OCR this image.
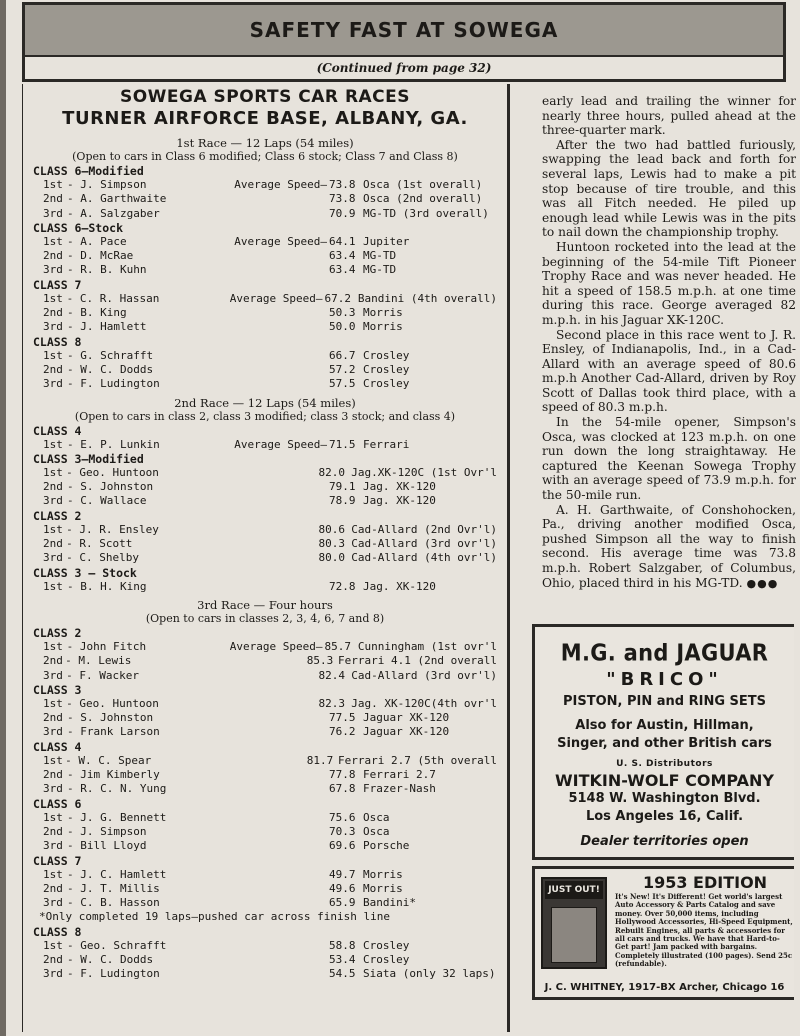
SAFETY FAST AT SOWEGA
(Continued from page 32)
SOWEGA SPORTS CAR RACES
TURNER AIRFORCE BASE, ALBANY, GA.
1st Race — 12 Laps (54 miles)
(Open to cars in Class 6 modified; Class 6 stock; Class 7 and Class 8)
CLASS 6—Modified
1st - J. Simpson	Average Speed— 73.8 Osca (1st overall)
2nd - A. Garthwaite	73.8 Osca (2nd overall)
3rd - A. Salzgaber	70.9 MG-TD (3rd overall)
CLASS 6—Stock
1st - A. Pace	Average Speed— 64.1 Jupiter
2nd - D. McRae	63.4 MG-TD
3rd - R. B. Kuhn	63.4 MG-TD
CLASS 7
1st - C. R. Hassan	Average Speed— 67.2 Bandini (4th overall)
2nd - B. King	50.3 Morris
3rd - J. Hamlett	50.0 Morris
CLASS 8
1st - G. Schrafft	66.7 Crosley
2nd - W. C. Dodds	57.2 Crosley
3rd - F. Ludington	57.5 Crosley
2nd Race — 12 Laps (54 miles)
(Open to cars in class 2, class 3 modified; class 3 stock; and class 4)
CLASS 4
1st - E. P. Lunkin	Average Speed— 71.5 Ferrari
CLASS 3—Modified
1st - Geo. Huntoon	82.0 Jag.XK-120C (1st Ovr'l
2nd - S. Johnston	79.1 Jag. XK-120
3rd - C. Wallace	78.9 Jag. XK-120
CLASS 2
1st - J. R. Ensley	80.6 Cad-Allard (2nd Ovr'l)
2nd - R. Scott	80.3 Cad-Allard (3rd ovr'l)
3rd - C. Shelby	80.0 Cad-Allard (4th ovr'l)
CLASS 3 — Stock
1st - B. H. King	72.8 Jag. XK-120
3rd Race — Four hours
(Open to cars in classes 2, 3, 4, 6, 7 and 8)
CLASS 2
1st - John Fitch	Average Speed— 85.7 Cunningham (1st ovr'l
2nd - M. Lewis	85.3 Ferrari 4.1 (2nd overall
3rd - F. Wacker	82.4 Cad-Allard (3rd ovr'l)
CLASS 3
1st - Geo. Huntoon	82.3 Jag. XK-120C(4th ovr'l
2nd - S. Johnston	77.5 Jaguar XK-120
3rd - Frank Larson	76.2 Jaguar XK-120
CLASS 4
1st - W. C. Spear	81.7 Ferrari 2.7 (5th overall
2nd - Jim Kimberly	77.8 Ferrari 2.7
3rd - R. C. N. Yung	67.8 Frazer-Nash
CLASS 6
1st - J. G. Bennett	75.6 Osca
2nd - J. Simpson	70.3 Osca
3rd - Bill Lloyd	69.6 Porsche
CLASS 7
1st - J. C. Hamlett	49.7 Morris
2nd - J. T. Millis	49.6 Morris
3rd - C. B. Hasson	65.9 Bandini*
*Only completed 19 laps—pushed car across finish line
CLASS 8
1st - Geo. Schrafft	58.8 Crosley
2nd - W. C. Dodds	53.4 Crosley
3rd - F. Ludington	54.5 Siata (only 32 laps)

early lead and trailing the winner for nearly three hours, pulled ahead at the three-quarter mark.

After the two had battled furiously, swapping the lead back and forth for several laps, Lewis had to make a pit stop because of tire trouble, and this was all Fitch needed. He piled up enough lead while Lewis was in the pits to nail down the championship trophy.

Huntoon rocketed into the lead at the beginning of the 54-mile Tift Pioneer Trophy Race and was never headed. He hit a speed of 158.5 m.p.h. at one time during this race. George averaged 82 m.p.h. in his Jaguar XK-120C.

Second place in this race went to J. R. Ensley, of Indianapolis, Ind., in a Cad-Allard with an average speed of 80.6 m.p.h Another Cad-Allard, driven by Roy Scott of Dallas took third place, with a speed of 80.3 m.p.h.

In the 54-mile opener, Simpson's Osca, was clocked at 123 m.p.h. on one run down the long straightaway. He captured the Keenan Sowega Trophy with an average speed of 73.9 m.p.h. for the 50-mile run.

A. H. Garthwaite, of Conshohocken, Pa., driving another modified Osca, pushed Simpson all the way to finish second. His average time was 73.8 m.p.h. Robert Salzgaber, of Columbus, Ohio, placed third in his MG-TD. ●●●

M.G. and JAGUAR
"BRICO"
PISTON, PIN and RING SETS
Also for Austin, Hillman,
Singer, and other British cars
U. S. Distributors
WITKIN-WOLF COMPANY
5148 W. Washington Blvd.
Los Angeles 16, Calif.
Dealer territories open
JUST OUT!	1953 EDITION
It's New! It's Different! Get world's largest Auto Accessory & Parts Catalog and save money. Over 50,000 items, including Hollywood Accessories, Hi-Speed Equipment, Rebuilt Engines, all parts & accessories for all cars and trucks. We have that Hard-to-Get part! Jam packed with bargains. Completely illustrated (100 pages). Send 25c (refundable).
J. C. WHITNEY, 1917-BX Archer, Chicago 16
